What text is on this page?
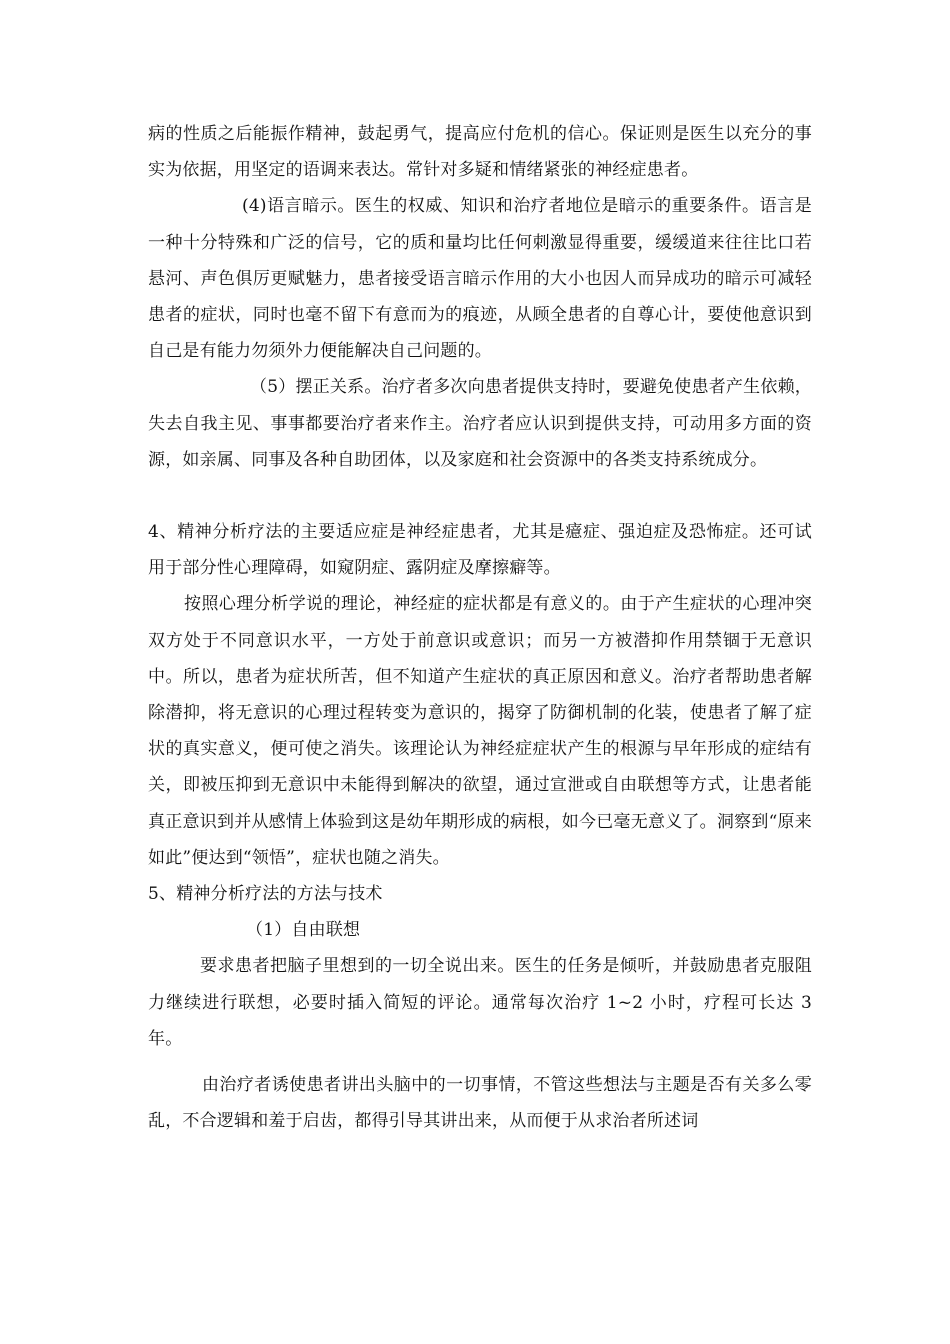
病的性质之后能振作精神，鼓起勇气，提高应付危机的信心。保证则是医生以充分的事实为依据，用坚定的语调来表达。常针对多疑和情绪紧张的神经症患者。

(4)语言暗示。医生的权威、知识和治疗者地位是暗示的重要条件。语言是一种十分特殊和广泛的信号，它的质和量均比任何刺激显得重要，缓缓道来往往比口若悬河、声色俱厉更赋魅力，患者接受语言暗示作用的大小也因人而异成功的暗示可减轻患者的症状，同时也毫不留下有意而为的痕迹，从顾全患者的自尊心计，要使他意识到自己是有能力勿须外力便能解决自己问题的。

（5）摆正关系。治疗者多次向患者提供支持时，要避免使患者产生依赖，失去自我主见、事事都要治疗者来作主。治疗者应认识到提供支持，可动用多方面的资源，如亲属、同事及各种自助团体，以及家庭和社会资源中的各类支持系统成分。

4、精神分析疗法的主要适应症是神经症患者，尤其是癔症、强迫症及恐怖症。还可试用于部分性心理障碍，如窥阴症、露阴症及摩擦癖等。

按照心理分析学说的理论，神经症的症状都是有意义的。由于产生症状的心理冲突双方处于不同意识水平，一方处于前意识或意识；而另一方被潜抑作用禁锢于无意识中。所以，患者为症状所苦，但不知道产生症状的真正原因和意义。治疗者帮助患者解除潜抑，将无意识的心理过程转变为意识的，揭穿了防御机制的化装，使患者了解了症状的真实意义，便可使之消失。该理论认为神经症症状产生的根源与早年形成的症结有关，即被压抑到无意识中未能得到解决的欲望，通过宣泄或自由联想等方式，让患者能真正意识到并从感情上体验到这是幼年期形成的病根，如今已毫无意义了。洞察到“原来如此”便达到“领悟”，症状也随之消失。

5、精神分析疗法的方法与技术

（1）自由联想

要求患者把脑子里想到的一切全说出来。医生的任务是倾听，并鼓励患者克服阻力继续进行联想，必要时插入简短的评论。通常每次治疗 1~2 小时，疗程可长达 3 年。

由治疗者诱使患者讲出头脑中的一切事情，不管这些想法与主题是否有关多么零乱，不合逻辑和羞于启齿，都得引导其讲出来，从而便于从求治者所述词
